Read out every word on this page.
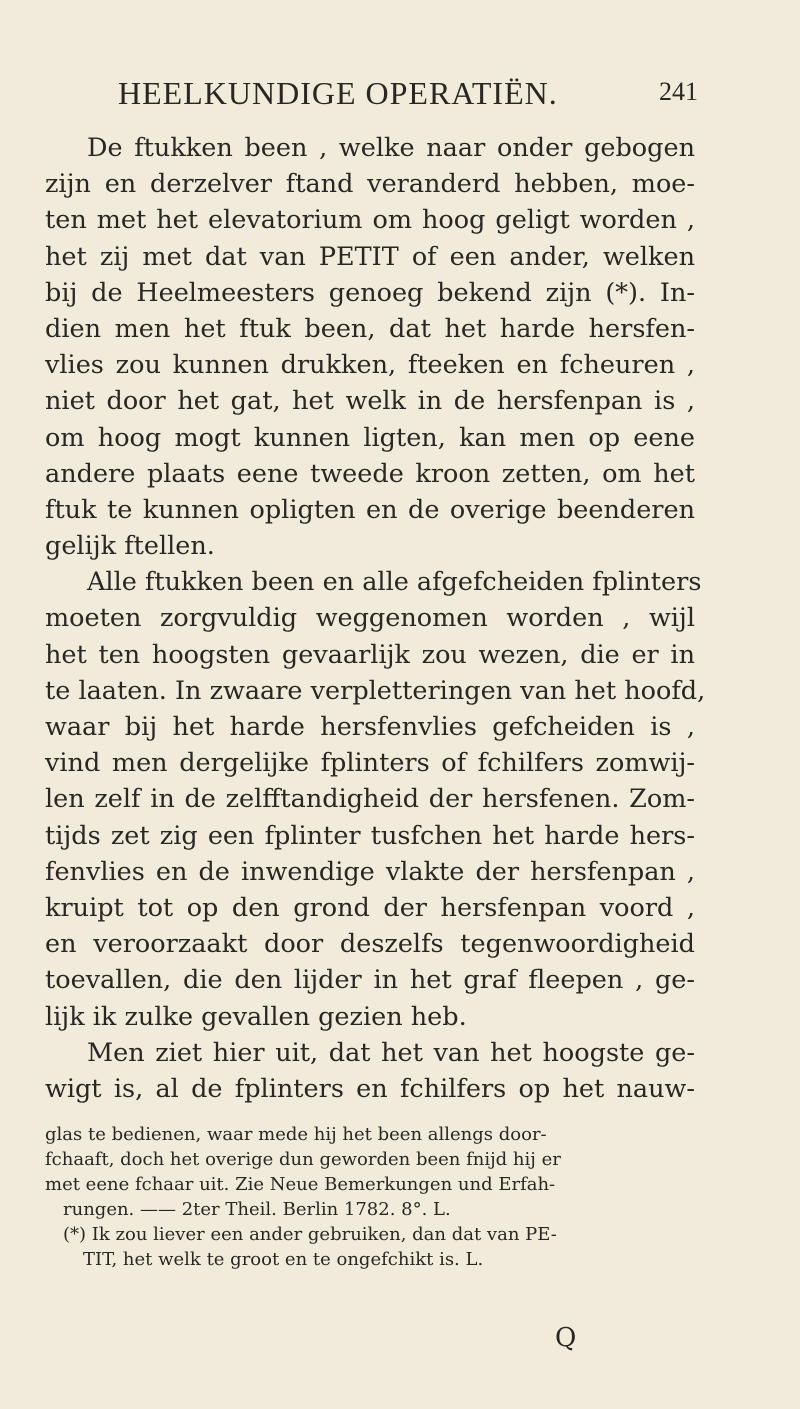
HEELKUNDIGE OPERATIËN.	241
De ftukken been , welke naar onder gebogen
zijn en derzelver ftand veranderd hebben, moe-
ten met het elevatorium om hoog geligt worden ,
het zij met dat van PETIT of een ander, welken
bij de Heelmeesters genoeg bekend zijn (*). In-
dien men het ftuk been, dat het harde hersfen-
vlies zou kunnen drukken, fteeken en fcheuren ,
niet door het gat, het welk in de hersfenpan is ,
om hoog mogt kunnen ligten, kan men op eene
andere plaats eene tweede kroon zetten, om het
ftuk te kunnen opligten en de overige beenderen
gelijk ftellen.
Alle ftukken been en alle afgefcheiden fplinters
moeten zorgvuldig weggenomen worden , wijl
het ten hoogsten gevaarlijk zou wezen, die er in
te laaten. In zwaare verpletteringen van het hoofd,
waar bij het harde hersfenvlies gefcheiden is ,
vind men dergelijke fplinters of fchilfers zomwij-
len zelf in de zelfftandigheid der hersfenen. Zom-
tijds zet zig een fplinter tusfchen het harde hers-
fenvlies en de inwendige vlakte der hersfenpan ,
kruipt tot op den grond der hersfenpan voord ,
en veroorzaakt door deszelfs tegenwoordigheid
toevallen, die den lijder in het graf fleepen , ge-
lijk ik zulke gevallen gezien heb.
Men ziet hier uit, dat het van het hoogste ge-
wigt is, al de fplinters en fchilfers op het nauw-
glas te bedienen, waar mede hij het been allengs door-
fchaaft, doch het overige dun geworden been fnijd hij er
met eene fchaar uit. Zie Neue Bemerkungen und Erfah-
rungen. —— 2ter Theil. Berlin 1782. 8°. L.
(*) Ik zou liever een ander gebruiken, dan dat van PE-
TIT, het welk te groot en te ongefchikt is. L.
Q
